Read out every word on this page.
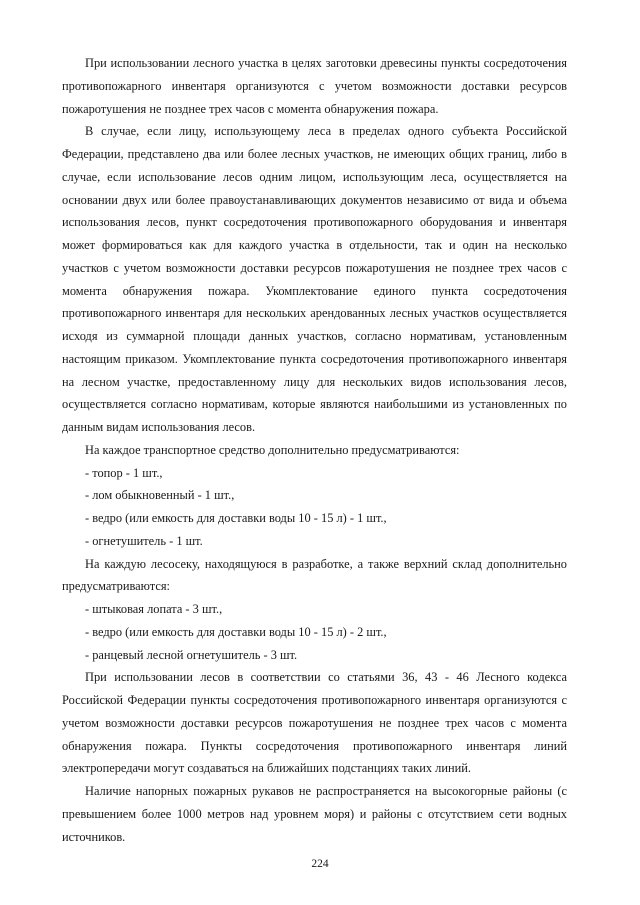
При использовании лесного участка в целях заготовки древесины пункты сосредоточения противопожарного инвентаря организуются с учетом возможности доставки ресурсов пожаротушения не позднее трех часов с момента обнаружения пожара.

В случае, если лицу, использующему леса в пределах одного субъекта Российской Федерации, представлено два или более лесных участков, не имеющих общих границ, либо в случае, если использование лесов одним лицом, использующим леса, осуществляется на основании двух или более правоустанавливающих документов независимо от вида и объема использования лесов, пункт сосредоточения противопожарного оборудования и инвентаря может формироваться как для каждого участка в отдельности, так и один на несколько участков с учетом возможности доставки ресурсов пожаротушения не позднее трех часов с момента обнаружения пожара. Укомплектование единого пункта сосредоточения противопожарного инвентаря для нескольких арендованных лесных участков осуществляется исходя из суммарной площади данных участков, согласно нормативам, установленным настоящим приказом. Укомплектование пункта сосредоточения противопожарного инвентаря на лесном участке, предоставленному лицу для нескольких видов использования лесов, осуществляется согласно нормативам, которые являются наибольшими из установленных по данным видам использования лесов.

На каждое транспортное средство дополнительно предусматриваются:

- топор - 1 шт.,

- лом обыкновенный - 1 шт.,

- ведро (или емкость для доставки воды 10 - 15 л) - 1 шт.,

- огнетушитель - 1 шт.

На каждую лесосеку, находящуюся в разработке, а также верхний склад дополнительно предусматриваются:

- штыковая лопата - 3 шт.,

- ведро (или емкость для доставки воды 10 - 15 л) - 2 шт.,

- ранцевый лесной огнетушитель - 3 шт.

При использовании лесов в соответствии со статьями 36, 43 - 46 Лесного кодекса Российской Федерации пункты сосредоточения противопожарного инвентаря организуются с учетом возможности доставки ресурсов пожаротушения не позднее трех часов с момента обнаружения пожара. Пункты сосредоточения противопожарного инвентаря линий электропередачи могут создаваться на ближайших подстанциях таких линий.

Наличие напорных пожарных рукавов не распространяется на высокогорные районы (с превышением более 1000 метров над уровнем моря) и районы с отсутствием сети водных источников.

224
